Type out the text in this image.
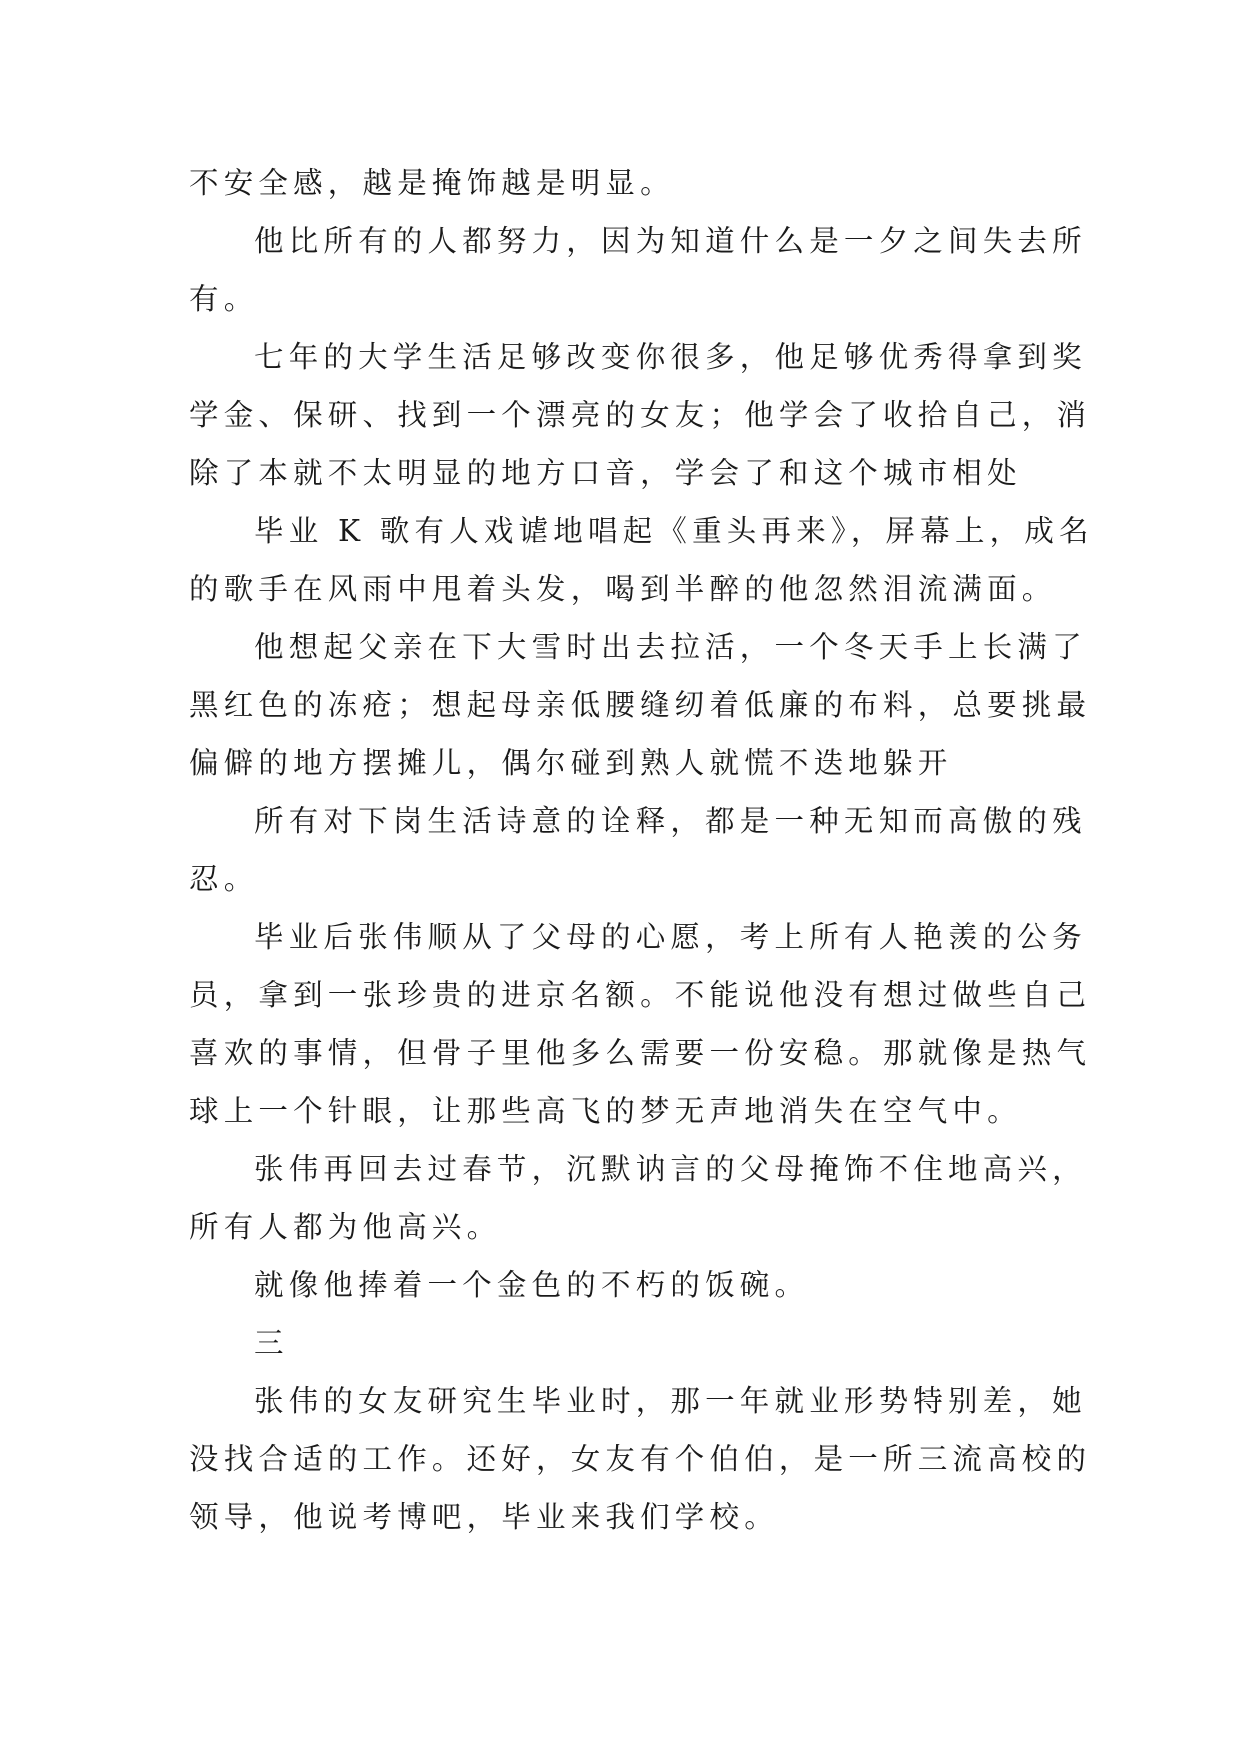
不安全感，越是掩饰越是明显。

他比所有的人都努力，因为知道什么是一夕之间失去所

有。

七年的大学生活足够改变你很多，他足够优秀得拿到奖

学金、保研、找到一个漂亮的女友；他学会了收拾自己，消

除了本就不太明显的地方口音，学会了和这个城市相处

毕业 K 歌有人戏谑地唱起《重头再来》，屏幕上，成名

的歌手在风雨中甩着头发，喝到半醉的他忽然泪流满面。

他想起父亲在下大雪时出去拉活，一个冬天手上长满了

黑红色的冻疮；想起母亲低腰缝纫着低廉的布料，总要挑最

偏僻的地方摆摊儿，偶尔碰到熟人就慌不迭地躲开

所有对下岗生活诗意的诠释，都是一种无知而高傲的残

忍。

毕业后张伟顺从了父母的心愿，考上所有人艳羡的公务

员，拿到一张珍贵的进京名额。不能说他没有想过做些自己

喜欢的事情，但骨子里他多么需要一份安稳。那就像是热气

球上一个针眼，让那些高飞的梦无声地消失在空气中。

张伟再回去过春节，沉默讷言的父母掩饰不住地高兴，

所有人都为他高兴。

就像他捧着一个金色的不朽的饭碗。

三

张伟的女友研究生毕业时，那一年就业形势特别差，她

没找合适的工作。还好，女友有个伯伯，是一所三流高校的

领导，他说考博吧，毕业来我们学校。
